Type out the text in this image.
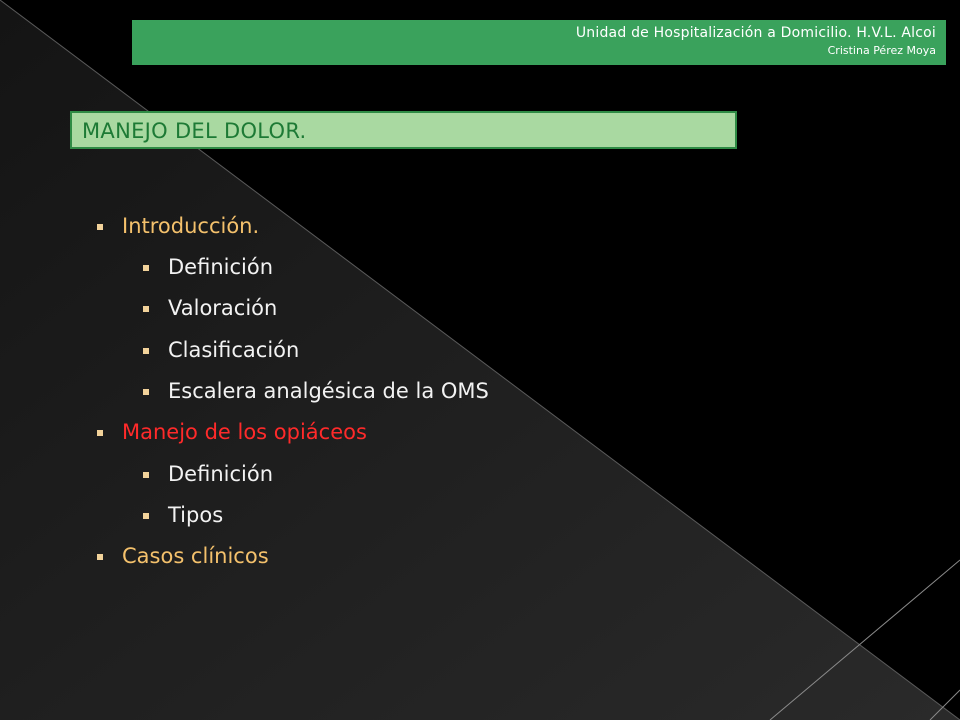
Unidad de Hospitalización a Domicilio. H.V.L. Alcoi
Cristina Pérez Moya
MANEJO DEL DOLOR.
Introducción.
Definición
Valoración
Clasificación
Escalera analgésica de la OMS
Manejo de los opiáceos
Definición
Tipos
Casos clínicos
